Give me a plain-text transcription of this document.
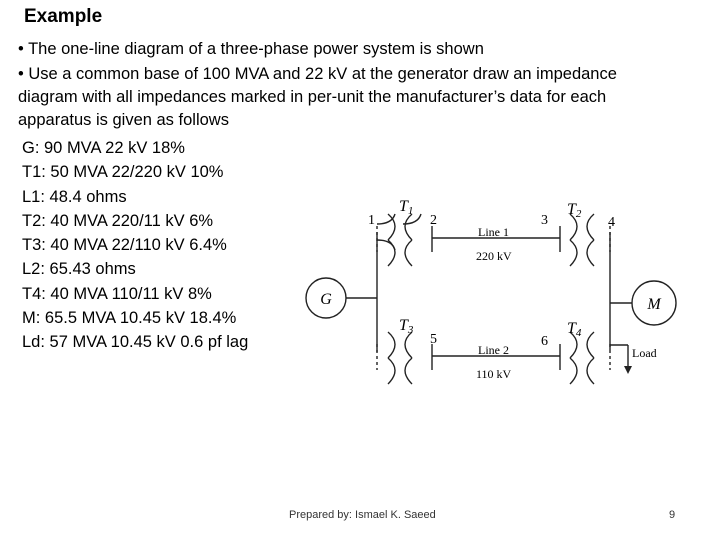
Example
• The one-line diagram of a three-phase power system is shown
• Use a common base of 100 MVA and 22 kV at the generator draw an impedance diagram with all impedances marked in per-unit the manufacturer’s data for each apparatus is given as follows
G: 90 MVA 22 kV 18%
T1: 50 MVA 22/220 kV 10%
L1: 48.4 ohms
T2: 40 MVA 220/11 kV 6%
T3: 40 MVA 22/110 kV 6.4%
L2: 65.43 ohms
T4: 40 MVA 110/11 kV 8%
M: 65.5 MVA 10.45 kV 18.4%
Ld: 57 MVA 10.45 kV 0.6 pf lag
T1	T2
T3	T4
1	2	3	4
5	6
Line 1
220 kV
Line 2
110 kV
G	M
Load
Prepared by: Ismael K. Saeed	9
